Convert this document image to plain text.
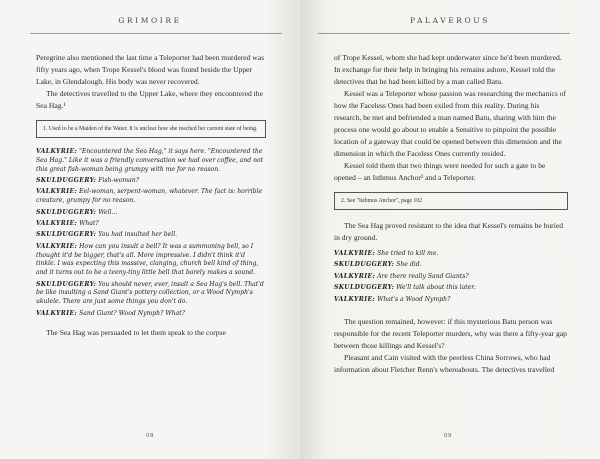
GRIMOIRE

Peregrine also mentioned the last time a Teleporter had been murdered was fifty years ago, when Trope Kessel's blood was found beside the Upper Lake, in Glendalough. His body was never recovered.

The detectives travelled to the Upper Lake, where they encountered the Sea Hag.¹

1. Used to be a Maiden of the Water. It is unclear how she reached her current state of being.

VALKYRIE: "Encountered the Sea Hag," it says here. "Encountered the Sea Hag." Like it was a friendly conversation we had over coffee, and not this great fish-woman being grumpy with me for no reason.

SKULDUGGERY: Fish-woman?

VALKYRIE: Eel-woman, serpent-woman, whatever. The fact is: horrible creature, grumpy for no reason.

SKULDUGGERY: Well...

VALKYRIE: What?

SKULDUGGERY: You had insulted her bell.

VALKYRIE: How can you insult a bell? It was a summoning bell, so I thought it'd be bigger, that's all. More impressive. I didn't think it'd tinkle. I was expecting this massive, clanging, church bell kind of thing, and it turns out to be a teeny-tiny little bell that barely makes a sound.

SKULDUGGERY: You should never, ever, insult a Sea Hag's bell. That'd be like insulting a Sand Giant's pottery collection, or a Wood Nymph's ukulele. There are just some things you don't do.

VALKYRIE: Sand Giant? Wood Nymph? What?

The Sea Hag was persuaded to let them speak to the corpse

08
PALAVEROUS

of Trope Kessel, whom she had kept underwater since he'd been murdered. In exchange for their help in bringing his remains ashore, Kessel told the detectives that he had been killed by a man called Batu.

Kessel was a Teleporter whose passion was researching the mechanics of how the Faceless Ones had been exiled from this reality. During his research, he met and befriended a man named Batu, sharing with him the process one would go about to enable a Sensitive to pinpoint the possible location of a gateway that could be opened between this dimension and the dimension in which the Faceless Ones currently resided.

Kessel told them that two things were needed for such a gate to be opened – an Isthmus Anchor² and a Teleporter.

2. See "Isthmus Anchor", page 102

The Sea Hag proved resistant to the idea that Kessel's remains be buried in dry ground.

VALKYRIE: She tried to kill me.

SKULDUGGERY: She did.

VALKYRIE: Are there really Sand Giants?

SKULDUGGERY: We'll talk about this later.

VALKYRIE: What's a Wood Nymph?

The question remained, however: if this mysterious Batu person was responsible for the recent Teleporter murders, why was there a fifty-year gap between those killings and Kessel's?

Pleasant and Cain visited with the peerless China Sorrows, who had information about Fletcher Renn's whereabouts. The detectives travelled

09
